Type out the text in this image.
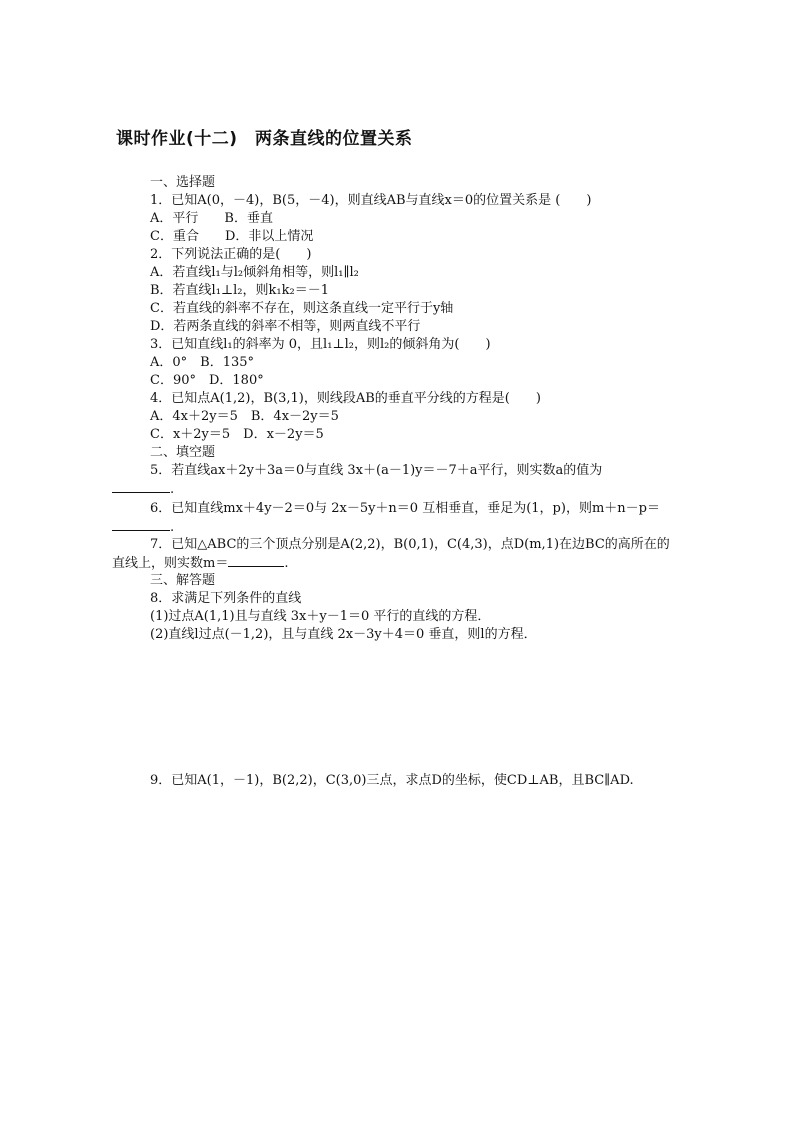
课时作业(十二)　两条直线的位置关系
一、选择题
1．已知A(0，－4)，B(5，－4)，则直线AB与直线x＝0的位置关系是 (　　)
A．平行　　B．垂直
C．重合　　D．非以上情况
2．下列说法正确的是(　　)
A．若直线l₁与l₂倾斜角相等，则l₁∥l₂
B．若直线l₁⊥l₂，则k₁k₂＝－1
C．若直线的斜率不存在，则这条直线一定平行于y轴
D．若两条直线的斜率不相等，则两直线不平行
3．已知直线l₁的斜率为 0，且l₁⊥l₂，则l₂的倾斜角为(　　)
A．0°　B．135°
C．90°　D．180°
4．已知点A(1,2)，B(3,1)，则线段AB的垂直平分线的方程是(　　)
A．4x＋2y＝5　B．4x－2y＝5
C．x＋2y＝5　D．x－2y＝5
二、填空题
5．若直线ax＋2y＋3a＝0与直线 3x＋(a－1)y＝－7＋a平行，则实数a的值为
.
6．已知直线mx＋4y－2＝0与 2x－5y＋n＝0 互相垂直，垂足为(1，p)，则m＋n－p＝
.
7．已知△ABC的三个顶点分别是A(2,2)，B(0,1)，C(4,3)，点D(m,1)在边BC的高所在的
直线上，则实数m＝	.
三、解答题
8．求满足下列条件的直线
(1)过点A(1,1)且与直线 3x＋y－1＝0 平行的直线的方程．
(2)直线l过点(－1,2)，且与直线 2x－3y＋4＝0 垂直，则l的方程．
9．已知A(1，－1)，B(2,2)，C(3,0)三点，求点D的坐标，使CD⊥AB，且BC∥AD.
